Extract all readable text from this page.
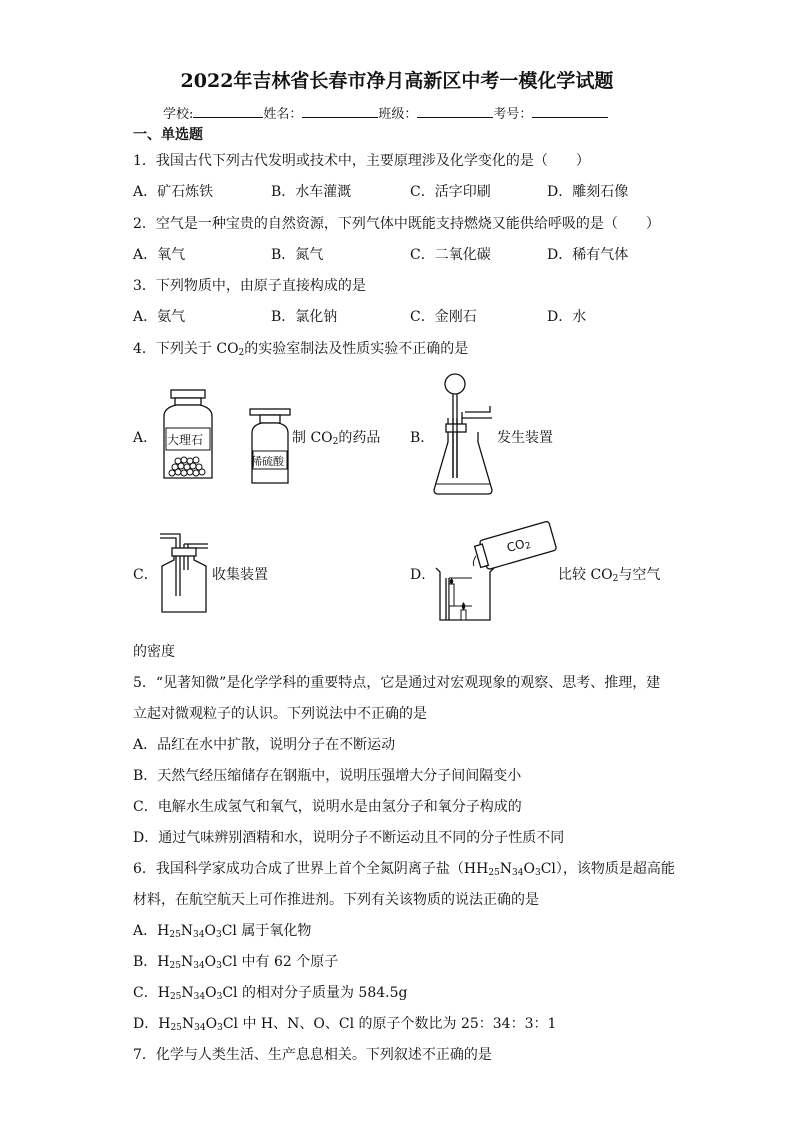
2022年吉林省长春市净月高新区中考一模化学试题
学校:	姓名：	班级：	考号：
一、单选题
1．我国古代下列古代发明或技术中，主要原理涉及化学变化的是（　　）
A．矿石炼铁	B．水车灌溉	C．活字印刷	D．雕刻石像
2．空气是一种宝贵的自然资源，下列气体中既能支持燃烧又能供给呼吸的是（　　）
A．氧气	B．氮气	C．二氧化碳	D．稀有气体
3．下列物质中，由原子直接构成的是
A．氨气	B．氯化钠	C．金刚石	D．水
4．下列关于 $CO_2$的实验室制法及性质实验不正确的是
A． 大理石
稀硫酸
制 $CO_2$的药品 B．	发生装置
C．	收集装置	D．
$CO_2$
比较 $CO_2$与空气
的密度
5．“见著知微”是化学学科的重要特点，它是通过对宏观现象的观察、思考、推理，建
立起对微观粒子的认识。下列说法中不正确的是
A．品红在水中扩散，说明分子在不断运动
B．天然气经压缩储存在钢瓶中，说明压强增大分子间间隔变小
C．电解水生成氢气和氧气，说明水是由氢分子和氧分子构成的
D．通过气味辨别酒精和水，说明分子不断运动且不同的分子性质不同
6．我国科学家成功合成了世界上首个全氮阴离子盐$(HH_{25}N_{34}O_3Cl)$，该物质是超高能
材料，在航空航天上可作推进剂。下列有关该物质的说法正确的是
A．$H_{25}N_{34}O_3Cl$ 属于氧化物
B．$H_{25}N_{34}O_3Cl$ 中有 62 个原子
C．$H_{25}N_{34}O_3Cl$ 的相对分子质量为 584.5g
D．$H_{25}N_{34}O_3Cl$ 中 H、N、O、Cl 的原子个数比为 25：34：3：1
7．化学与人类生活、生产息息相关。下列叙述不正确的是
